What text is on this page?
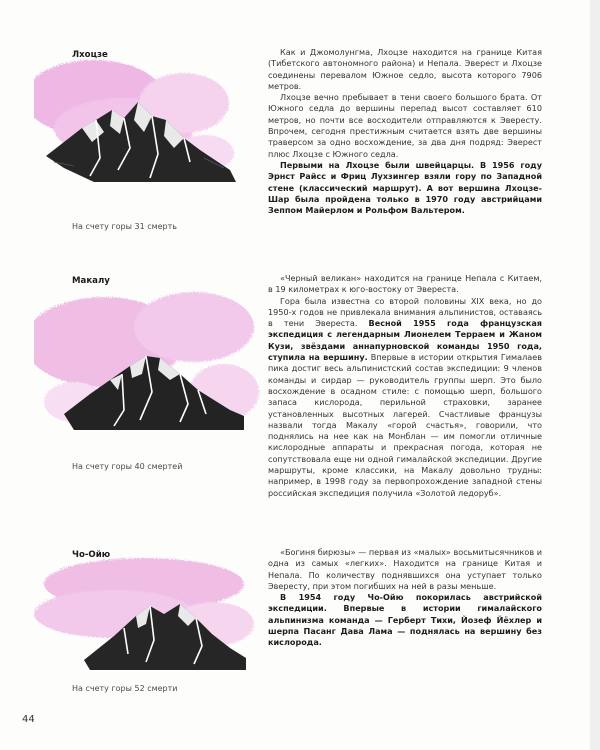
Лхоцзе
На счету горы 31 смерть

Как и Джомолунгма, Лхоцзе находится на границе Китая (Тибетского автономного района) и Непала. Эверест и Лхоцзе соединены перевалом Южное седло, высота которого 7906 метров.

Лхоцзе вечно пребывает в тени своего большого брата. От Южного седла до вершины перепад высот составляет 610 метров, но почти все восходители отправляются к Эвересту. Впрочем, сегодня престижным считается взять две вершины траверсом за одно восхождение, за два дня подряд: Эверест плюс Лхоцзе с Южного седла.

Первыми на Лхоцзе были швейцарцы. В 1956 году Эрнст Райсс и Фриц Лухзингер взяли гору по Западной стене (классический маршрут). А вот вершина Лхоцзе-Шар была пройдена только в 1970 году австрийцами Зеппом Майерлом и Рольфом Вальтером.

Макалу
На счету горы 40 смертей

«Черный великан» находится на границе Непала с Китаем, в 19 километрах к юго-востоку от Эвереста.

Гора была известна со второй половины XIX века, но до 1950-х годов не привлекала внимания альпинистов, оставаясь в тени Эвереста. Весной 1955 года французская экспедиция с легендарным Лионелем Терраем и Жаном Кузи, звёздами аннапурновской команды 1950 года, ступила на вершину. Впервые в истории открытия Гималаев пика достиг весь альпинистский состав экспедиции: 9 членов команды и сирдар — руководитель группы шерп. Это было восхождение в осадном стиле: с помощью шерп, большого запаса кислорода, перильной страховки, заранее установленных высотных лагерей. Счастливые французы назвали тогда Макалу «горой счастья», говорили, что поднялись на нее как на Монблан — им помогли отличные кислородные аппараты и прекрасная погода, которая не сопутствовала еще ни одной гималайской экспедиции. Другие маршруты, кроме классики, на Макалу довольно трудны: например, в 1998 году за первопрохождение западной стены российская экспедиция получила «Золотой ледоруб».

Чо-Ойю
На счету горы 52 смерти

«Богиня бирюзы» — первая из «малых» восьмитысячников и одна из самых «легких». Находится на границе Китая и Непала. По количеству поднявшихся она уступает только Эвересту, при этом погибших на ней в разы меньше.

В 1954 году Чо-Ойю покорилась австрийской экспедиции. Впервые в истории гималайского альпинизма команда — Герберт Тихи, Йозеф Йёхлер и шерпа Пасанг Дава Лама — поднялась на вершину без кислорода.

44
